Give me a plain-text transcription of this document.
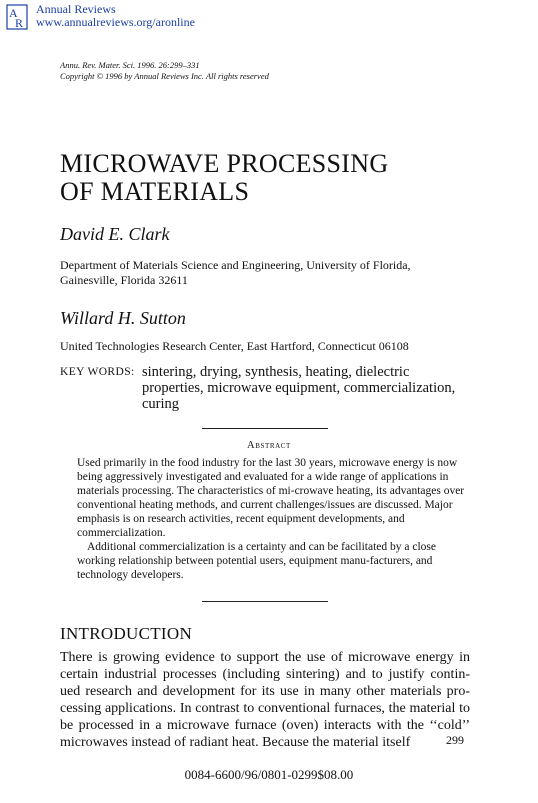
A
R
Annual Reviews
www.annualreviews.org/aronline
Annu. Rev. Mater. Sci. 1996. 26:299–331
Copyright © 1996 by Annual Reviews Inc. All rights reserved
MICROWAVE PROCESSING
OF MATERIALS
David E. Clark
Department of Materials Science and Engineering, University of Florida,
Gainesville, Florida 32611
Willard H. Sutton
United Technologies Research Center, East Hartford, Connecticut 06108
KEY WORDS: sintering, drying, synthesis, heating, dielectric
properties, microwave equipment, commercialization,
curing
Abstract

Used primarily in the food industry for the last 30 years, microwave energy is now being aggressively investigated and evaluated for a wide range of applications in materials processing. The characteristics of mi-crowave heating, its advantages over conventional heating methods, and current challenges/issues are discussed. Major emphasis is on research activities, recent equipment developments, and commercialization.

Additional commercialization is a certainty and can be facilitated by a close working relationship between potential users, equipment manu-facturers, and technology developers.

INTRODUCTION
There is growing evidence to support the use of microwave energy in certain industrial processes (including sintering) and to justify contin-ued research and development for its use in many other materials pro-cessing applications. In contrast to conventional furnaces, the material to be processed in a microwave furnace (oven) interacts with the ‘‘cold’’ microwaves instead of radiant heat. Because the material itself	299
0084-6600/96/0801-0299$08.00
